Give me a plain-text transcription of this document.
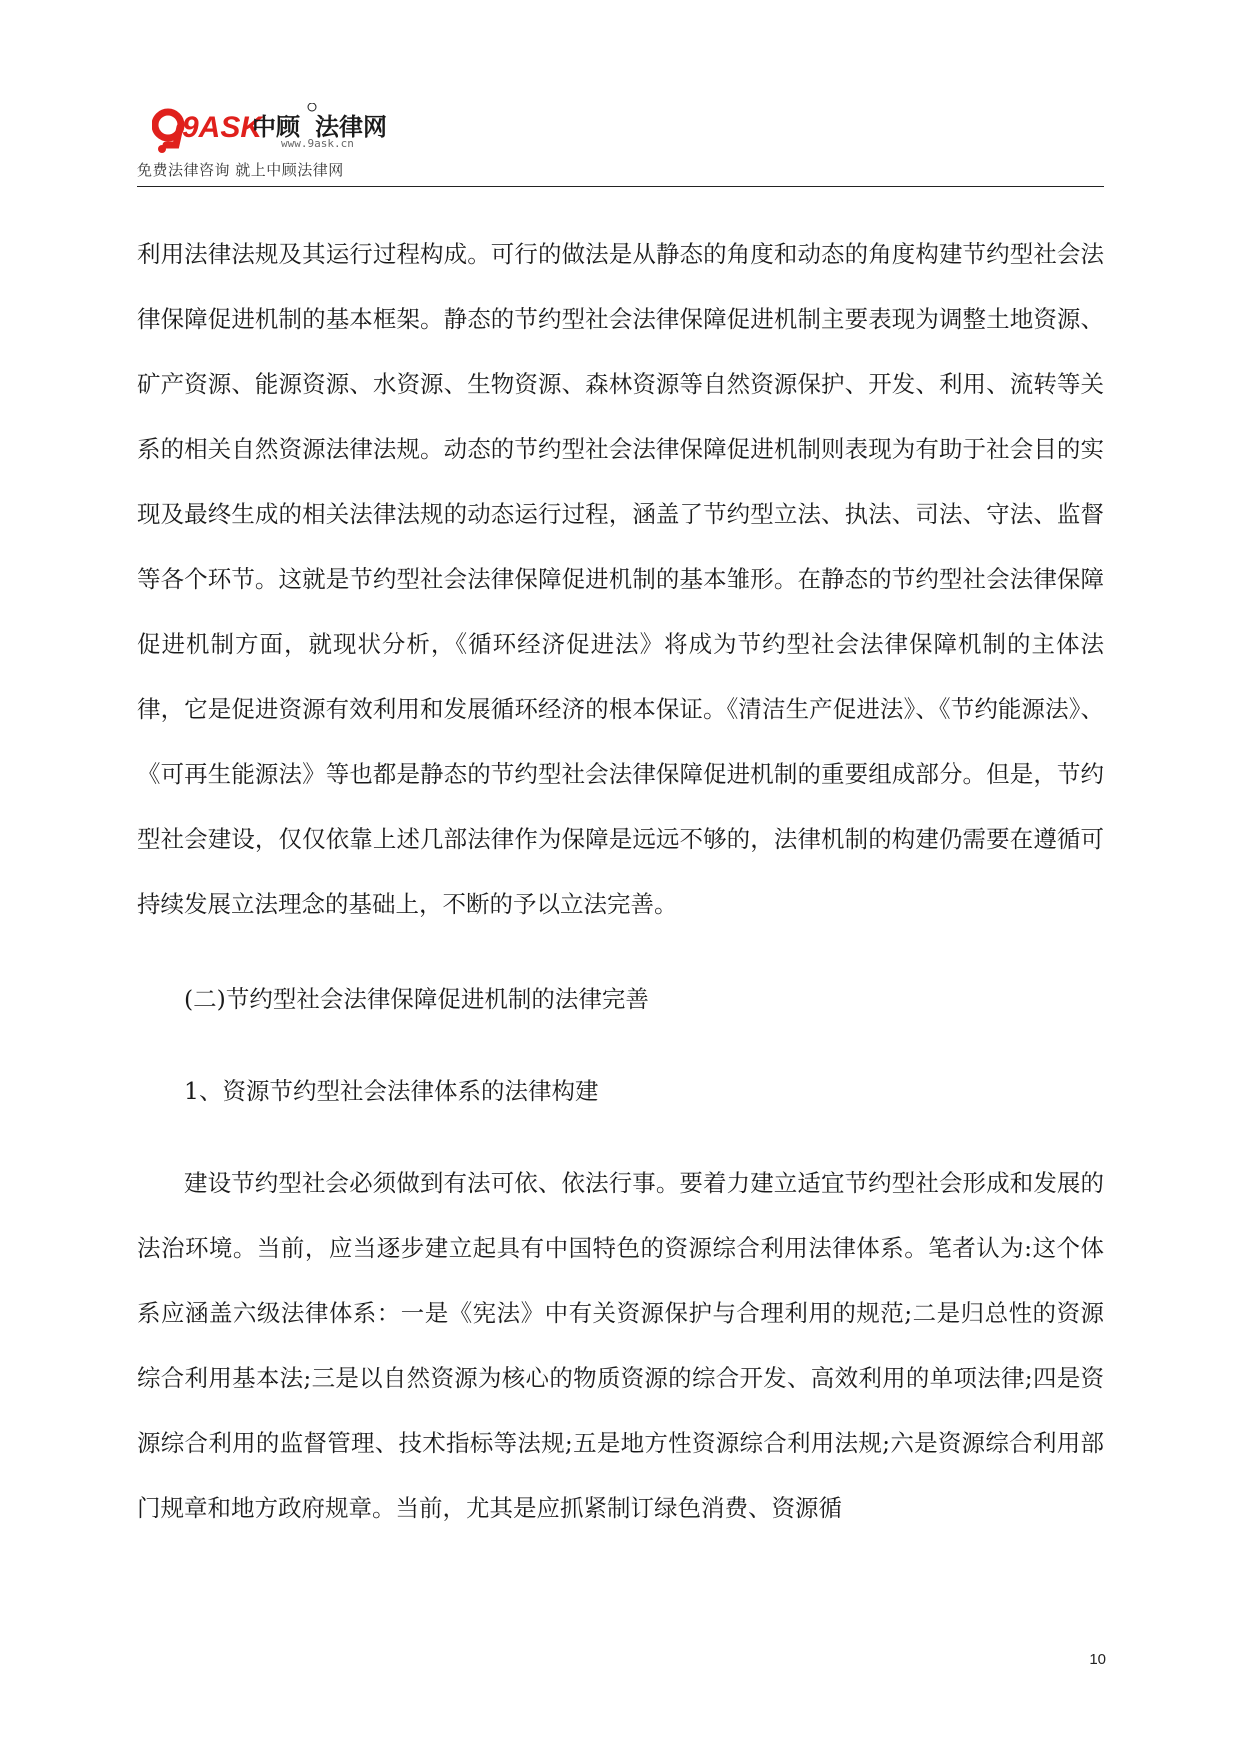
9ASK
中顾 法律网
www.9ask.cn
免费法律咨询 就上中顾法律网

利用法律法规及其运行过程构成。可行的做法是从静态的角度和动态的角度构建节约型社会法律保障促进机制的基本框架。静态的节约型社会法律保障促进机制主要表现为调整土地资源、矿产资源、能源资源、水资源、生物资源、森林资源等自然资源保护、开发、利用、流转等关系的相关自然资源法律法规。动态的节约型社会法律保障促进机制则表现为有助于社会目的实现及最终生成的相关法律法规的动态运行过程，涵盖了节约型立法、执法、司法、守法、监督等各个环节。这就是节约型社会法律保障促进机制的基本雏形。在静态的节约型社会法律保障促进机制方面，就现状分析，《循环经济促进法》将成为节约型社会法律保障机制的主体法律，它是促进资源有效利用和发展循环经济的根本保证。《清洁生产促进法》、《节约能源法》、《可再生能源法》等也都是静态的节约型社会法律保障促进机制的重要组成部分。但是，节约型社会建设，仅仅依靠上述几部法律作为保障是远远不够的，法律机制的构建仍需要在遵循可持续发展立法理念的基础上，不断的予以立法完善。

(二)节约型社会法律保障促进机制的法律完善

1、资源节约型社会法律体系的法律构建

建设节约型社会必须做到有法可依、依法行事。要着力建立适宜节约型社会形成和发展的法治环境。当前，应当逐步建立起具有中国特色的资源综合利用法律体系。笔者认为:这个体系应涵盖六级法律体系：一是《宪法》中有关资源保护与合理利用的规范;二是归总性的资源综合利用基本法;三是以自然资源为核心的物质资源的综合开发、高效利用的单项法律;四是资源综合利用的监督管理、技术指标等法规;五是地方性资源综合利用法规;六是资源综合利用部门规章和地方政府规章。当前，尤其是应抓紧制订绿色消费、资源循

10
